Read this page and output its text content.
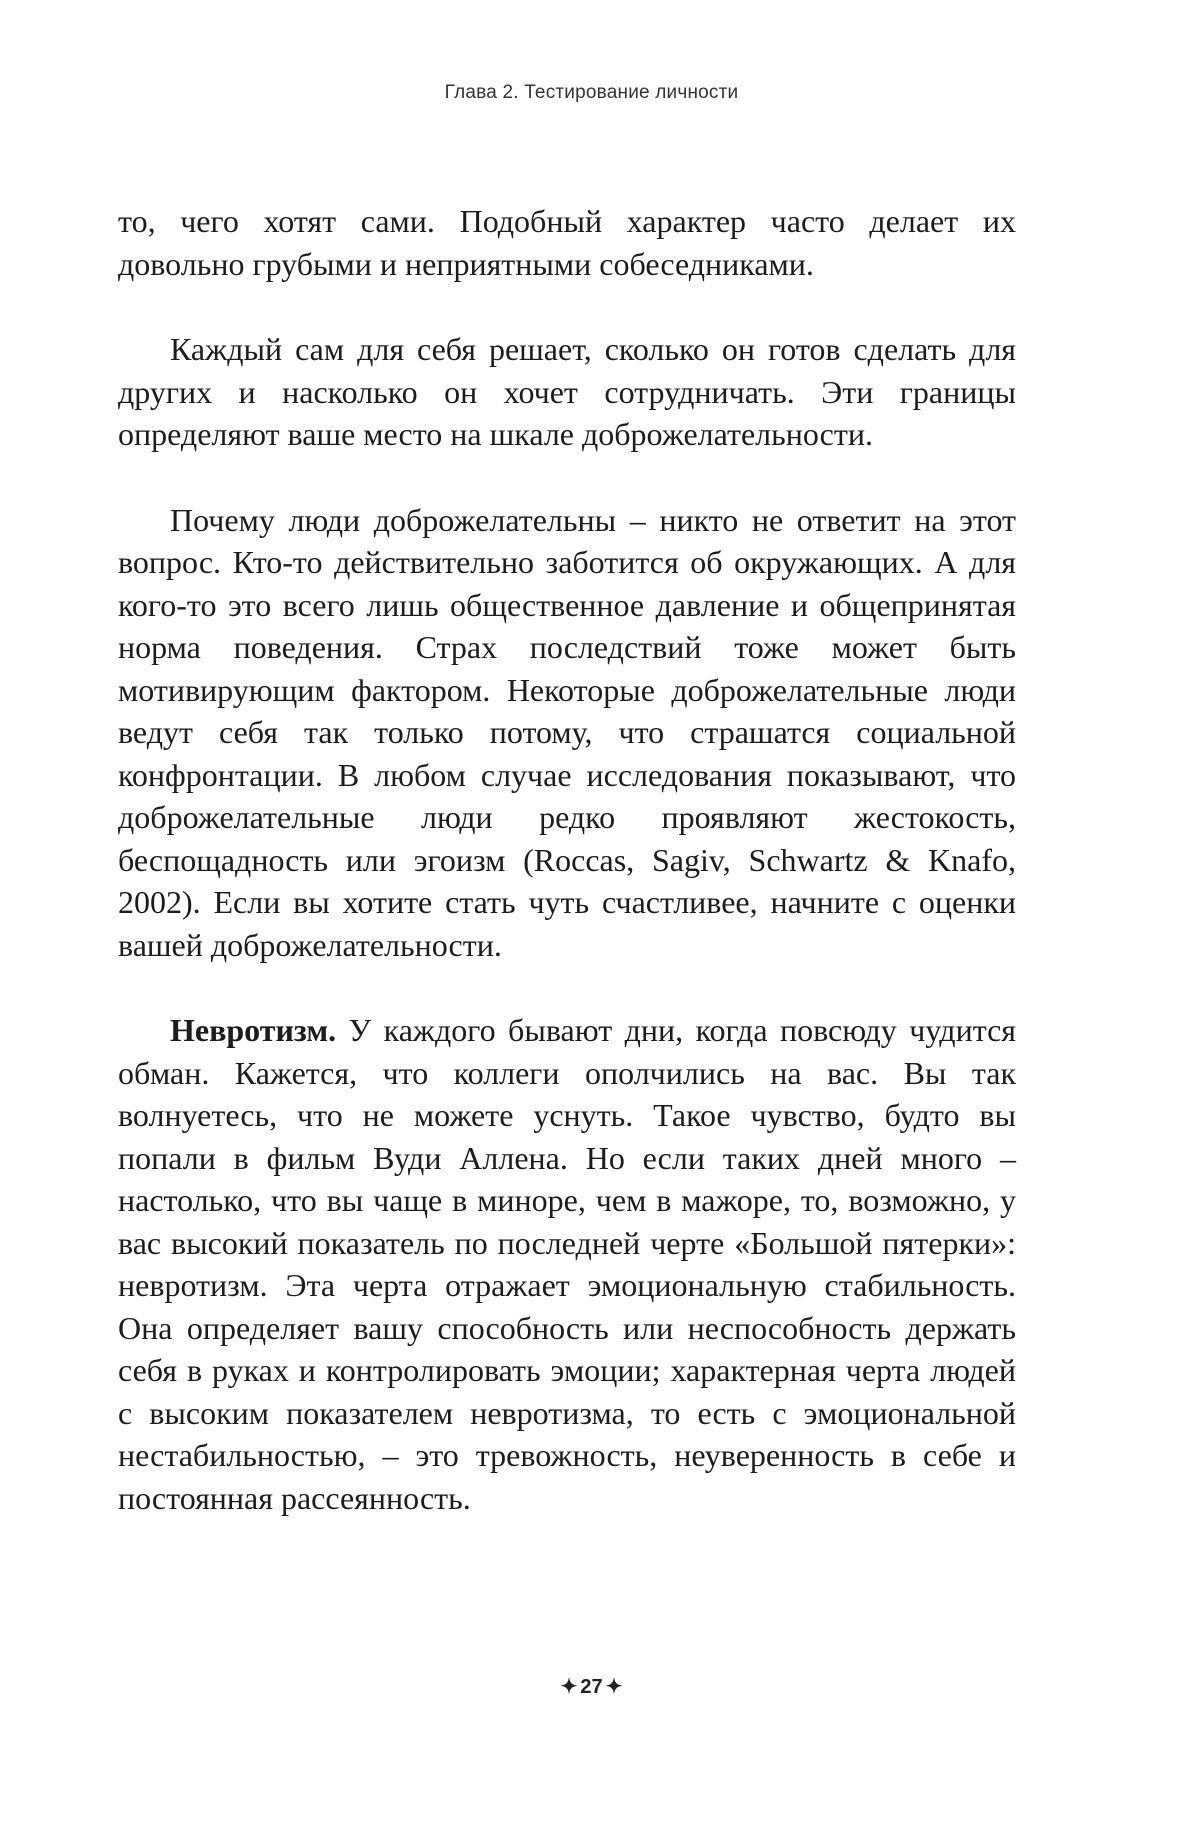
Глава 2. Тестирование личности

то, чего хотят сами. Подобный характер часто делает их довольно грубыми и неприятными собеседниками.

Каждый сам для себя решает, сколько он готов сделать для других и насколько он хочет сотрудничать. Эти границы определяют ваше место на шкале доброжелательности.

Почему люди доброжелательны – никто не ответит на этот вопрос. Кто-то действительно заботится об окружающих. А для кого-то это всего лишь общественное давление и общепринятая норма поведения. Страх последствий тоже может быть мотивирующим фактором. Некоторые доброжелательные люди ведут себя так только потому, что страшатся социальной конфронтации. В любом случае исследования показывают, что доброжелательные люди редко проявляют жестокость, беспощадность или эгоизм (Roccas, Sagiv, Schwartz & Knafo, 2002). Если вы хотите стать чуть счастливее, начните с оценки вашей доброжелательности.

Невротизм. У каждого бывают дни, когда повсюду чудится обман. Кажется, что коллеги ополчились на вас. Вы так волнуетесь, что не можете уснуть. Такое чувство, будто вы попали в фильм Вуди Аллена. Но если таких дней много – настолько, что вы чаще в миноре, чем в мажоре, то, возможно, у вас высокий показатель по последней черте «Большой пятерки»: невротизм. Эта черта отражает эмоциональную стабильность. Она определяет вашу способность или неспособность держать себя в руках и контролировать эмоции; характерная черта людей с высоким показателем невротизма, то есть с эмоциональной нестабильностью, – это тревожность, неуверенность в себе и постоянная рассеянность.

✦ 27 ✦
